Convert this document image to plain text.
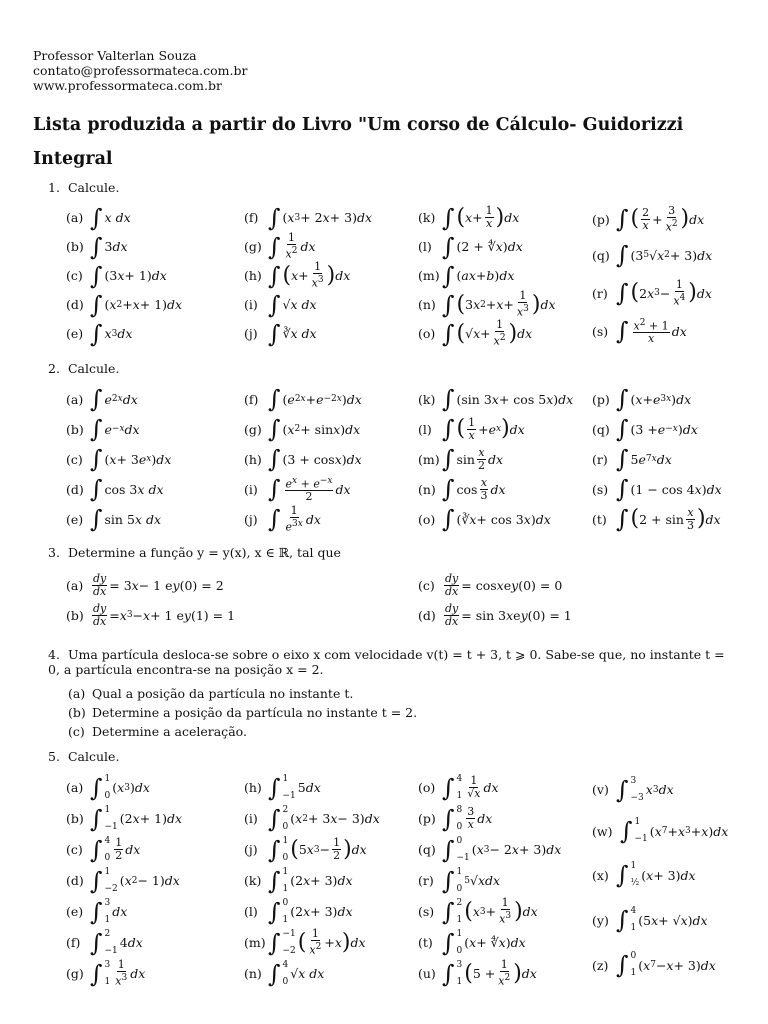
Professor Valterlan Souza
contato@professormateca.com.br
www.professormateca.com.br
Lista produzida a partir do Livro "Um corso de Cálculo- Guidorizzi
Integral
1. Calcule.
(a) ∫ x
dx
(b) ∫ 3 dx
(c) ∫ (3 x + 1) dx
(d) ∫ ( x 2 + x + 1) dx
(e) ∫ x 3 dx
(f) ∫ ( x 3 + 2 x + 3) dx
(g) ∫ $\frac{1}{x^2}$ dx
(h) ∫ ( $x + \frac{1}{x^3}$ ) dx
(i) ∫ √ x
dx
(j) ∫ ∛ x
dx
(k) ∫ ( $x + \frac{1}{x}$ ) dx
(l) ∫ (2 + ∜ x ) dx
(m) ∫ ( ax + b ) dx
(n) ∫ ( 3 x $2 + x + \frac{1}{x^3}$ ) dx
(o) ∫ ( √ $x + \frac{1}{x^2}$ ) dx
(p) ∫ ( $\frac{2}{x} + \frac{3}{x^2}$ ) dx
(q) ∫ (3 5 √ x 2 + 3) dx
(r) ∫ ( 2 x $3 - \frac{1}{x^4}$ ) dx
(s) ∫ $\frac{x^2 + 1}{x}$ dx
2. Calcule.
(a) ∫ e 2x dx
(b) ∫ e −x dx
(c) ∫ ( x + 3 e x ) dx
(d) ∫ cos 3 x
dx
(e) ∫ sin 5 x
dx
(f) ∫ ( e 2x + e −2x ) dx
(g) ∫ ( x 2 + sin x ) dx
(h) ∫ (3 + cos x ) dx
(i) ∫ $\frac{e^x + e^{-x}}{2}$ dx
(j) ∫ $\frac{1}{e^{3x}}$ dx
(k) ∫ (sin 3 x + cos 5 x ) dx
(l) ∫ ( $\frac{1}{x} + e$ x ) dx
(m) ∫ $\sin \frac{x}{2}$ dx
(n) ∫ $\cos \frac{x}{3}$ dx
(o) ∫ (∛ x + cos 3 x ) dx
(p) ∫ ( x + e 3x ) dx
(q) ∫ (3 + e −x ) dx
(r) ∫ 5 e 7x dx
(s) ∫ (1 − cos 4 x ) dx
(t) ∫ ( $2 + \sin \frac{x}{3}$ ) dx
3. Determine a função y = y(x), x ∈ ℝ, tal que
$(a) \frac{dy}{dx} = 3$ x − 1 e y (0) = 2
$(b) \frac{dy}{dx} = x$ 3 − x + 1 e y (1) = 1
$(c) \frac{dy}{dx} = \cos x$ e y (0) = 0
$(d) \frac{dy}{dx} = \sin 3$ x e y (0) = 1
4. Uma partícula desloca-se sobre o eixo x com velocidade v(t) = t + 3, t ⩾ 0. Sabe-se que, no instante t = 0, a partícula encontra-se na posição x = 2.
(a) Qual a posição da partícula no instante t.
(b) Determine a posição da partícula no instante t = 2.
(c) Determine a aceleração.
5. Calcule.
(a) ∫ 1
0
( x 3 ) dx
(b) ∫ 1
−1
(2 x + 1) dx
(c) ∫ 4
$0 \frac{1}{2}$ dx
(d) ∫ 1
−2
( x 2 − 1) dx
(e) ∫ 3
1
dx
(f) ∫ 2
−1
4 dx
(g) ∫ 3
$1 \frac{1}{x^3}$ dx
(h) ∫ 1
−1
5 dx
(i) ∫ 2
0
( x 2 + 3 x − 3) dx
(j) ∫ 1
0 ( 5 x $3 - \frac{1}{2}$ ) dx
(k) ∫ 1
1
(2 x + 3) dx
(l) ∫ 0
1
(2 x + 3) dx
(m) ∫ −1
−2 ( $\frac{1}{x^2} + x$ ) dx
(n) ∫ 4
0
√ x
dx
(o) ∫ 4
$1 \frac{1}{√x}$ dx
(p) ∫ 8
$0 \frac{3}{x}$ dx
(q) ∫ 0
−1
( x 3 − 2 x + 3) dx
(r) ∫ 1
0
5 √ x dx
(s) ∫ 2
1 ( x $3 + \frac{1}{x^3}$ ) dx
(t) ∫ 1
0
( x + ∜ x ) dx
(u) ∫ 3
1 ( $5 + \frac{1}{x^2}$ ) dx
(v) ∫ 3
−3
x 3 dx
(w) ∫ 1
−1
( x 7 + x 3 + x ) dx
(x) ∫ 1
½
( x + 3) dx
(y) ∫ 4
1
(5 x + √ x ) dx
(z) ∫ 0
1
( x 7 − x + 3) dx
